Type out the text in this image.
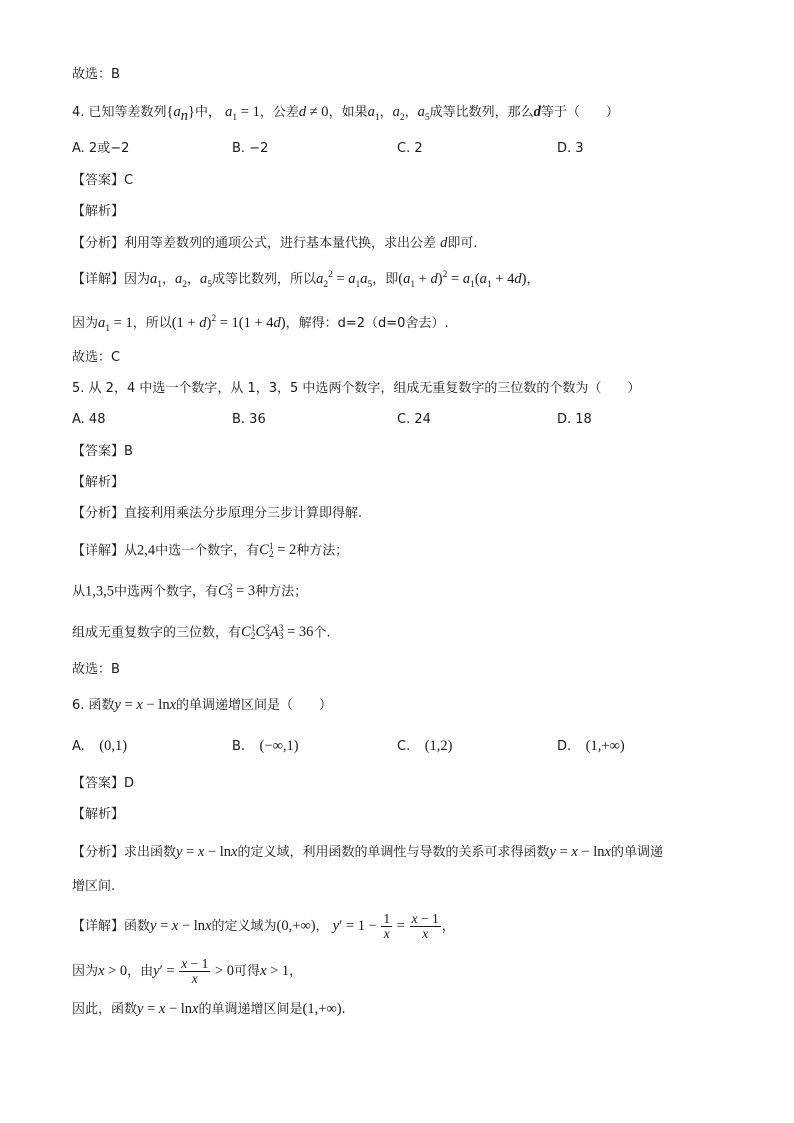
故选：B
4. 已知等差数列$\{a_n\}$中， $a_1 = 1$，公差d ≠ 0，如果$a_1$，$a_2$，$a_5$成等比数列，那么d等于（　　）
A. 2或−2	B. −2	C. 2	D. 3
【答案】C
【解析】
【分析】利用等差数列的通项公式，进行基本量代换，求出公差 d即可.
【详解】因为$a_1$，$a_2$，$a_5$成等比数列，所以$a_2^2 = a_1a_5$，即$(a_1 + d)^2 = a_1(a_1 + 4d)$，
因为$a_1 = 1$，所以$(1 + d)^2 = 1(1 + 4d)$，解得：d=2（d=0舍去）.
故选：C
5. 从 2，4 中选一个数字，从 1，3，5 中选两个数字，组成无重复数字的三位数的个数为（　　）
A. 48	B. 36	C. 24	D. 18
【答案】B
【解析】
【分析】直接利用乘法分步原理分三步计算即得解.
【详解】从2,4中选一个数字，有C 1
2 = 2种方法；
从1,3,5中选两个数字，有C 2
3 = 3种方法；
组成无重复数字的三位数，有C 1
2 C 2
3 A 3
3 = 36个.
故选：B
6. 函数y = x − lnx的单调递增区间是（　　）
A.　(0,1)	B.　(−∞,1)	C.　(1,2)	D.　(1,+∞)
【答案】D
【解析】
【分析】求出函数y = x − lnx的定义域，利用函数的单调性与导数的关系可求得函数y = x − lnx的单调递
增区间.
【详解】函数y = x − lnx的定义域为(0,+∞)， $y' = 1 - \frac{1}{x} = \frac{x - 1}{x}$ ，
因为x > 0，由$y' = \frac{x - 1}{x} > 0$可得x > 1，
因此，函数y = x − lnx的单调递增区间是(1,+∞).
